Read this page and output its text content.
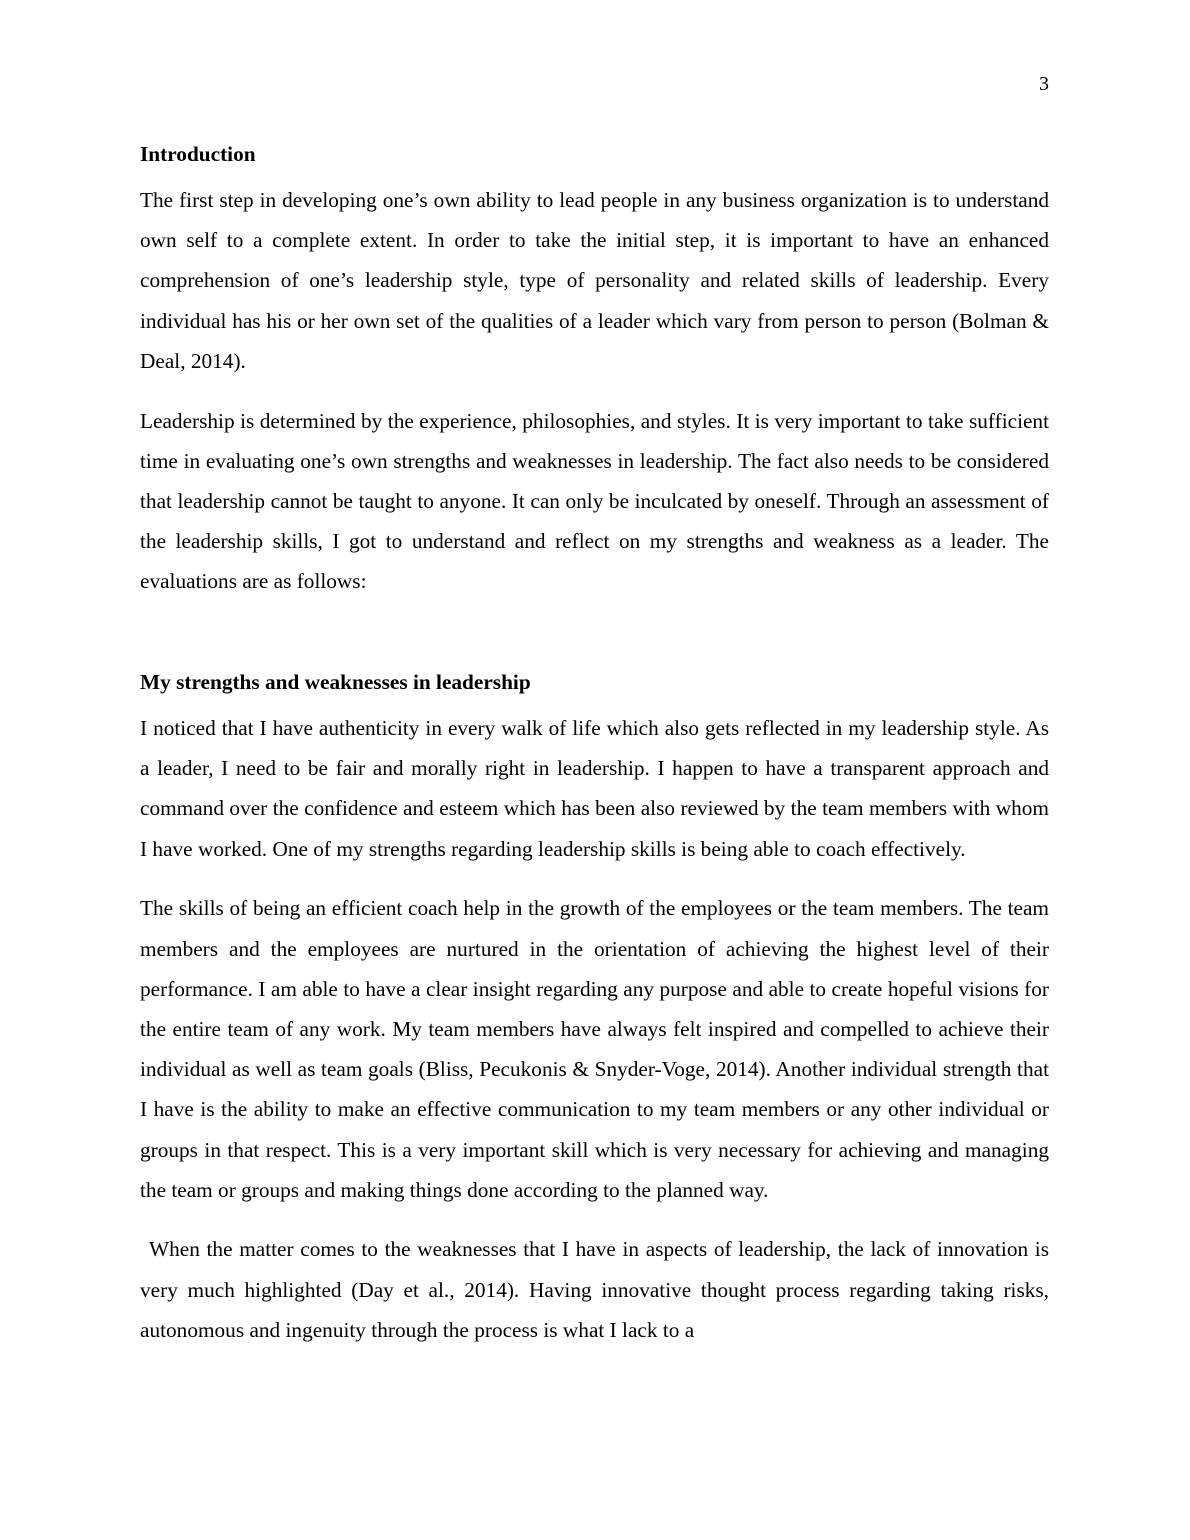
3
Introduction

The first step in developing one’s own ability to lead people in any business organization is to understand own self to a complete extent. In order to take the initial step, it is important to have an enhanced comprehension of one’s leadership style, type of personality and related skills of leadership. Every individual has his or her own set of the qualities of a leader which vary from person to person (Bolman & Deal, 2014).

Leadership is determined by the experience, philosophies, and styles. It is very important to take sufficient time in evaluating one’s own strengths and weaknesses in leadership. The fact also needs to be considered that leadership cannot be taught to anyone. It can only be inculcated by oneself. Through an assessment of the leadership skills, I got to understand and reflect on my strengths and weakness as a leader. The evaluations are as follows:

My strengths and weaknesses in leadership

I noticed that I have authenticity in every walk of life which also gets reflected in my leadership style. As a leader, I need to be fair and morally right in leadership. I happen to have a transparent approach and command over the confidence and esteem which has been also reviewed by the team members with whom I have worked. One of my strengths regarding leadership skills is being able to coach effectively.

The skills of being an efficient coach help in the growth of the employees or the team members. The team members and the employees are nurtured in the orientation of achieving the highest level of their performance. I am able to have a clear insight regarding any purpose and able to create hopeful visions for the entire team of any work. My team members have always felt inspired and compelled to achieve their individual as well as team goals (Bliss, Pecukonis & Snyder-Voge, 2014). Another individual strength that I have is the ability to make an effective communication to my team members or any other individual or groups in that respect. This is a very important skill which is very necessary for achieving and managing the team or groups and making things done according to the planned way.

When the matter comes to the weaknesses that I have in aspects of leadership, the lack of innovation is very much highlighted (Day et al., 2014). Having innovative thought process regarding taking risks, autonomous and ingenuity through the process is what I lack to a
